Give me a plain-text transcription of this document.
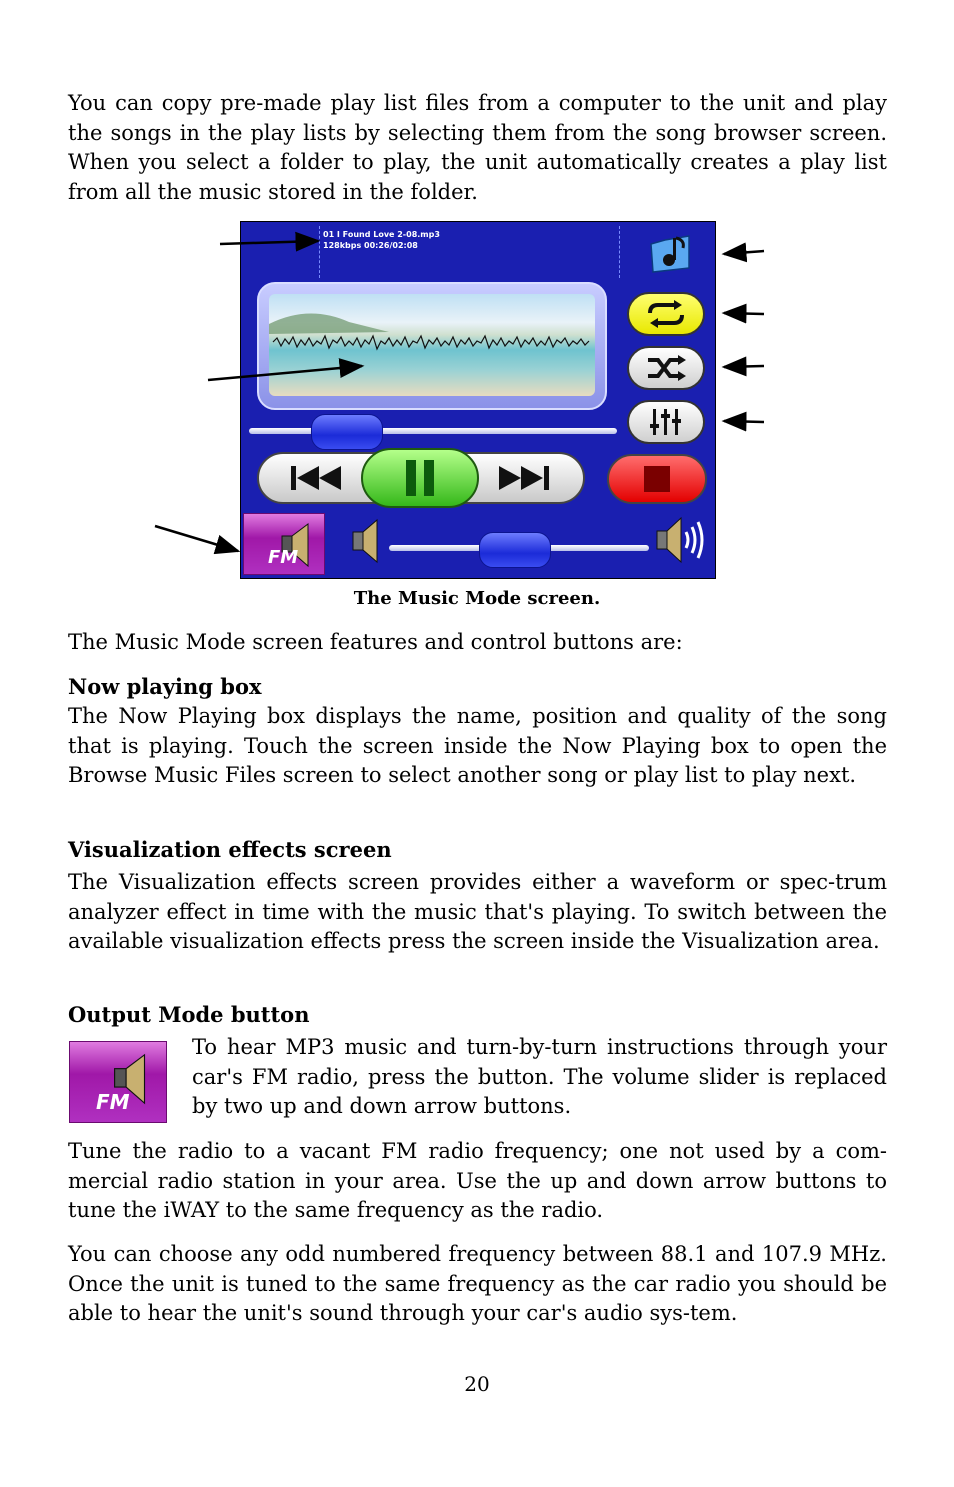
You can copy pre-made play list files from a computer to the unit and play the songs in the play lists by selecting them from the song browser screen. When you select a folder to play, the unit automatically creates a play list from all the music stored in the folder.

01 I Found Love 2-08.mp3
128kbps 00:26/02:08
FM
The Music Mode screen.

The Music Mode screen features and control buttons are:

Now playing box

The Now Playing box displays the name, position and quality of the song that is playing. Touch the screen inside the Now Playing box to open the Browse Music Files screen to select another song or play list to play next.

Visualization effects screen

The Visualization effects screen provides either a waveform or spec-trum analyzer effect in time with the music that's playing. To switch between the available visualization effects press the screen inside the Visualization area.

Output Mode button

FM

To hear MP3 music and turn-by-turn instructions through your car's FM radio, press the button. The volume slider is replaced by two up and down arrow buttons.

Tune the radio to a vacant FM radio frequency; one not used by a com-mercial radio station in your area. Use the up and down arrow buttons to tune the iWAY to the same frequency as the radio.

You can choose any odd numbered frequency between 88.1 and 107.9 MHz. Once the unit is tuned to the same frequency as the car radio you should be able to hear the unit's sound through your car's audio sys-tem.

20
